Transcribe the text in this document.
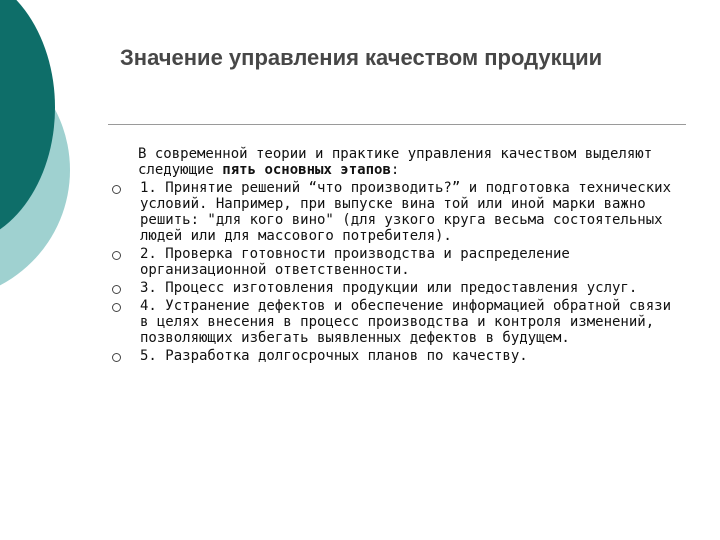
Значение управления качеством продукции
В современной теории и практике управления качеством выделяют следующие пять основных этапов:
1. Принятие решений “что производить?” и подготовка технических условий. Например, при выпуске вина той или иной марки важно решить: "для кого вино" (для узкого круга весьма состоятельных людей или для массового потребителя).
2. Проверка готовности производства и распределение организационной ответственности.
3. Процесс изготовления продукции или предоставления услуг.
4. Устранение дефектов и обеспечение информацией обратной связи в целях внесения в процесс производства и контроля изменений, позволяющих избегать выявленных дефектов в будущем.
5. Разработка долгосрочных планов по качеству.
